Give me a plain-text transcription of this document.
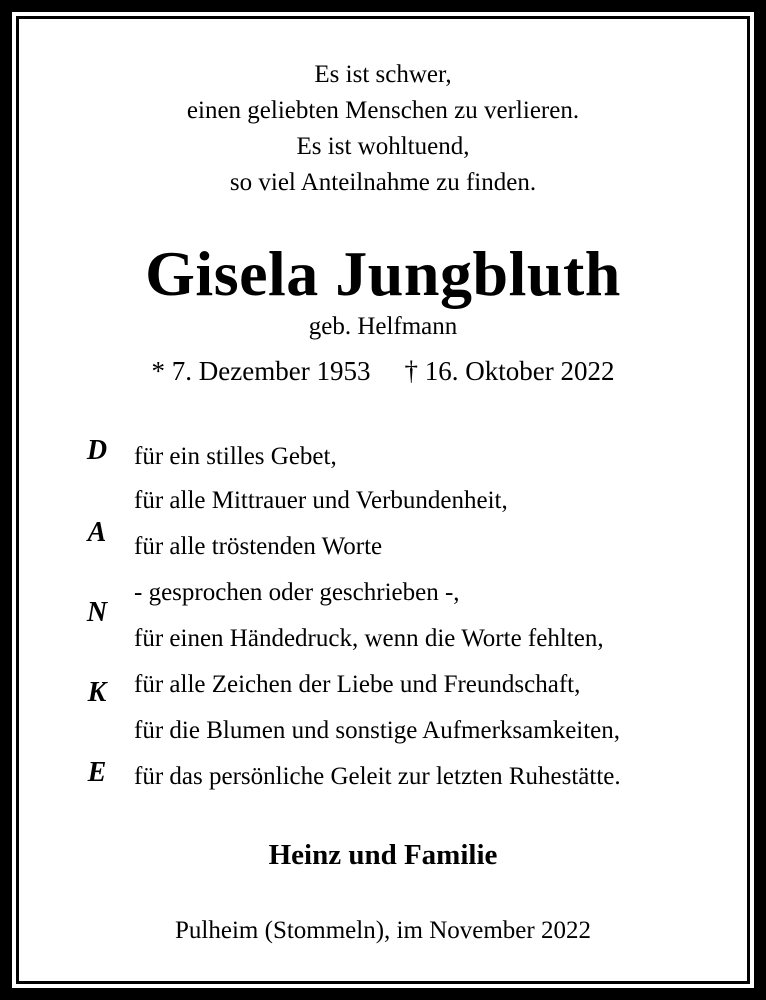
Es ist schwer,

einen geliebten Menschen zu verlieren.

Es ist wohltuend,

so viel Anteilnahme zu finden.

Gisela Jungbluth
geb. Helfmann
* 7. Dezember 1953 † 16. Oktober 2022
D
A
N
K
E
für ein stilles Gebet,
für alle Mittrauer und Verbundenheit,
für alle tröstenden Worte
- gesprochen oder geschrieben -,
für einen Händedruck, wenn die Worte fehlten,
für alle Zeichen der Liebe und Freundschaft,
für die Blumen und sonstige Aufmerksamkeiten,
für das persönliche Geleit zur letzten Ruhestätte.
Heinz und Familie
Pulheim (Stommeln), im November 2022
